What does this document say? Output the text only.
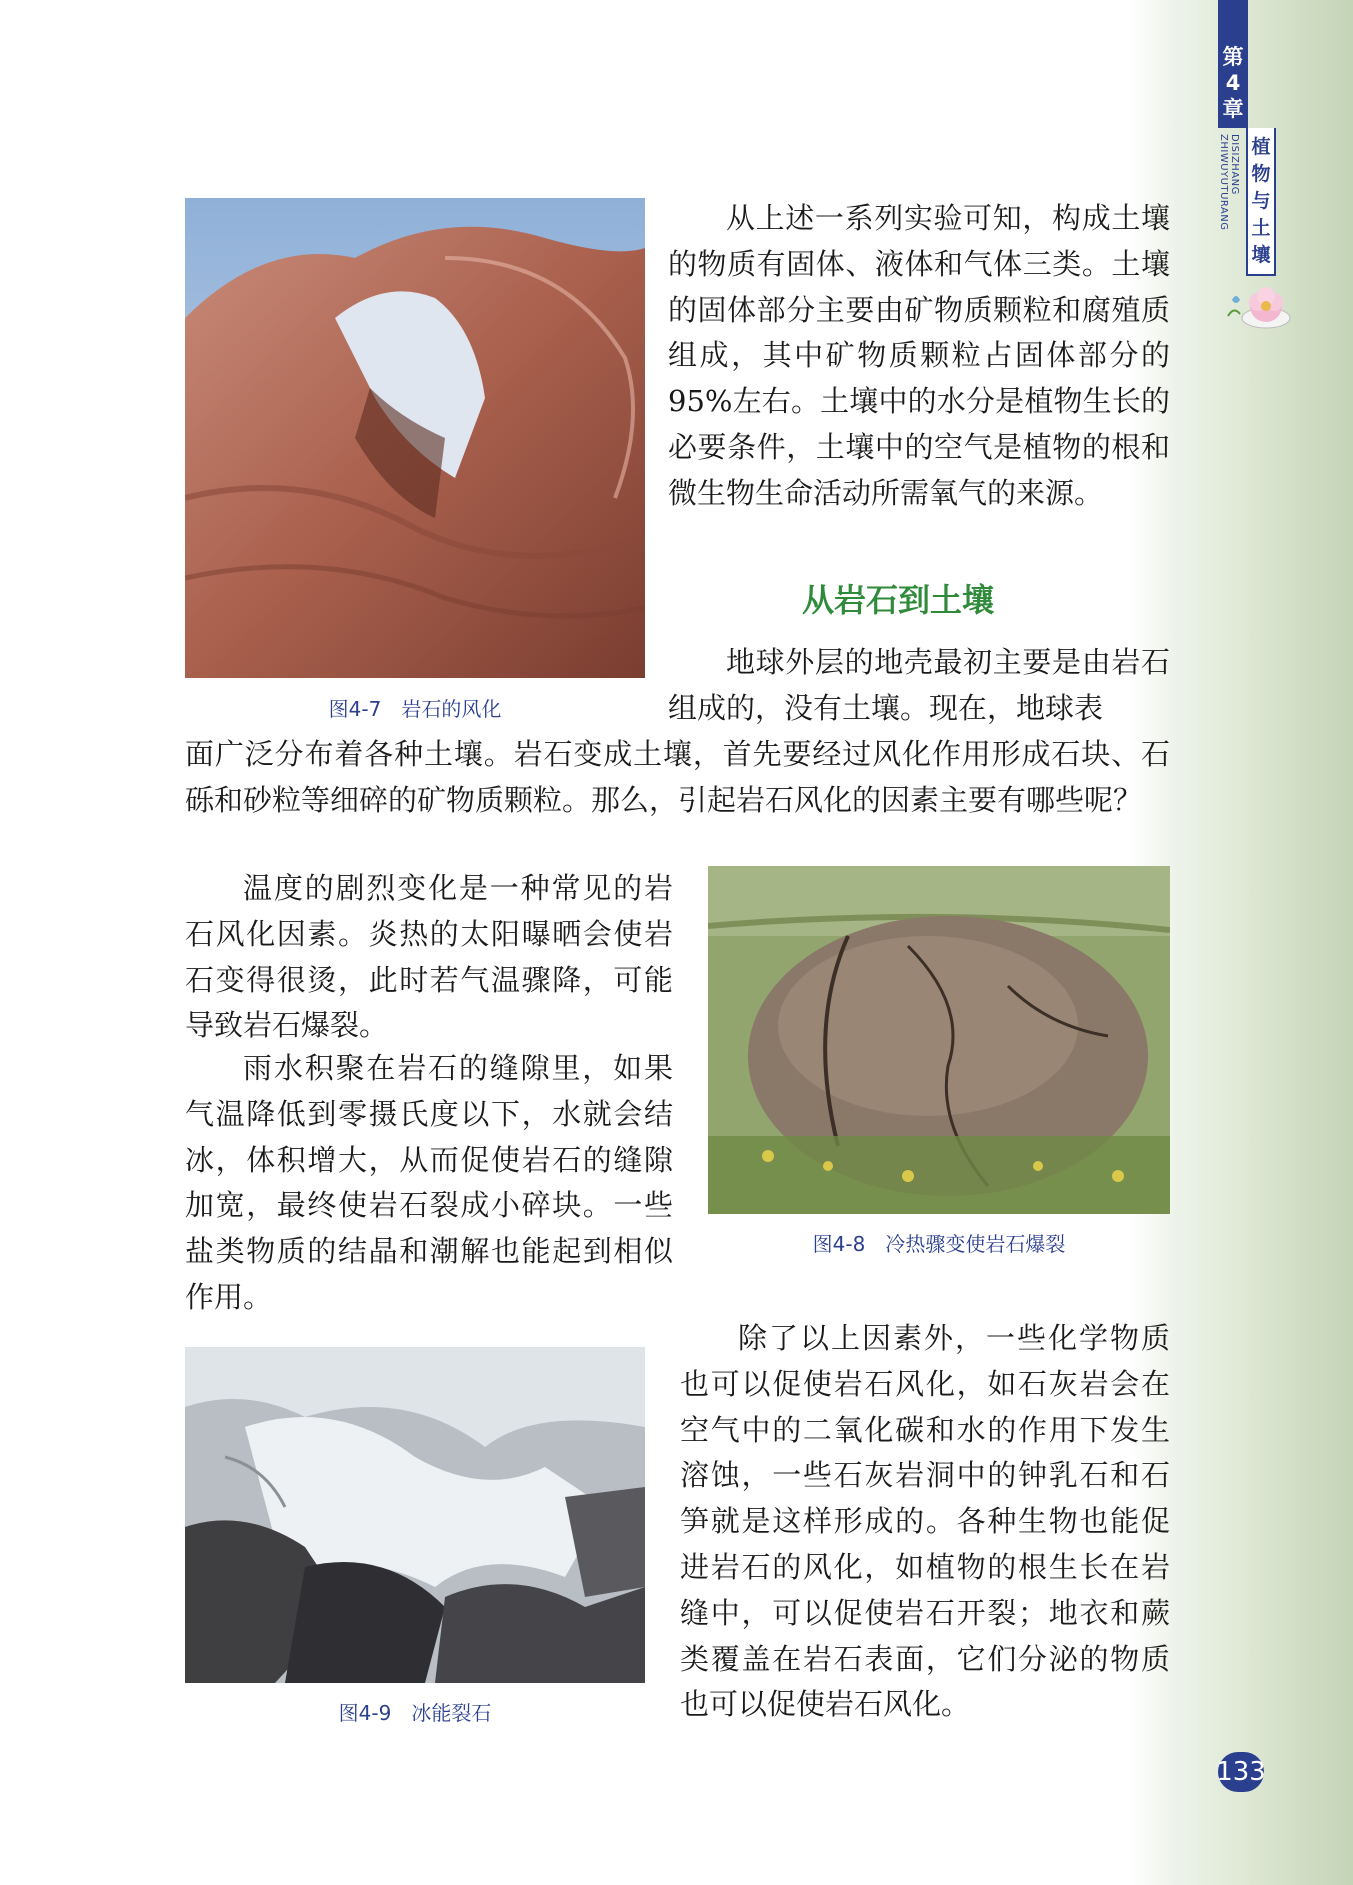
第
4
章
DISIZHANG ZHIWUYUTURANG	植
物
与
土
壤
图4-7　岩石的风化

从上述一系列实验可知，构成土壤的物质有固体、液体和气体三类。土壤的固体部分主要由矿物质颗粒和腐殖质组成，其中矿物质颗粒占固体部分的95%左右。土壤中的水分是植物生长的必要条件，土壤中的空气是植物的根和微生物生命活动所需氧气的来源。

从岩石到土壤

地球外层的地壳最初主要是由岩石组成的，没有土壤。现在，地球表

面广泛分布着各种土壤。岩石变成土壤，首先要经过风化作用形成石块、石砾和砂粒等细碎的矿物质颗粒。那么，引起岩石风化的因素主要有哪些呢？

温度的剧烈变化是一种常见的岩石风化因素。炎热的太阳曝晒会使岩石变得很烫，此时若气温骤降，可能导致岩石爆裂。

雨水积聚在岩石的缝隙里，如果气温降低到零摄氏度以下，水就会结冰，体积增大，从而促使岩石的缝隙加宽，最终使岩石裂成小碎块。一些盐类物质的结晶和潮解也能起到相似作用。

图4-8　冷热骤变使岩石爆裂
图4-9　冰能裂石

除了以上因素外，一些化学物质也可以促使岩石风化，如石灰岩会在空气中的二氧化碳和水的作用下发生溶蚀，一些石灰岩洞中的钟乳石和石笋就是这样形成的。各种生物也能促进岩石的风化，如植物的根生长在岩缝中，可以促使岩石开裂；地衣和蕨类覆盖在岩石表面，它们分泌的物质也可以促使岩石风化。

133
